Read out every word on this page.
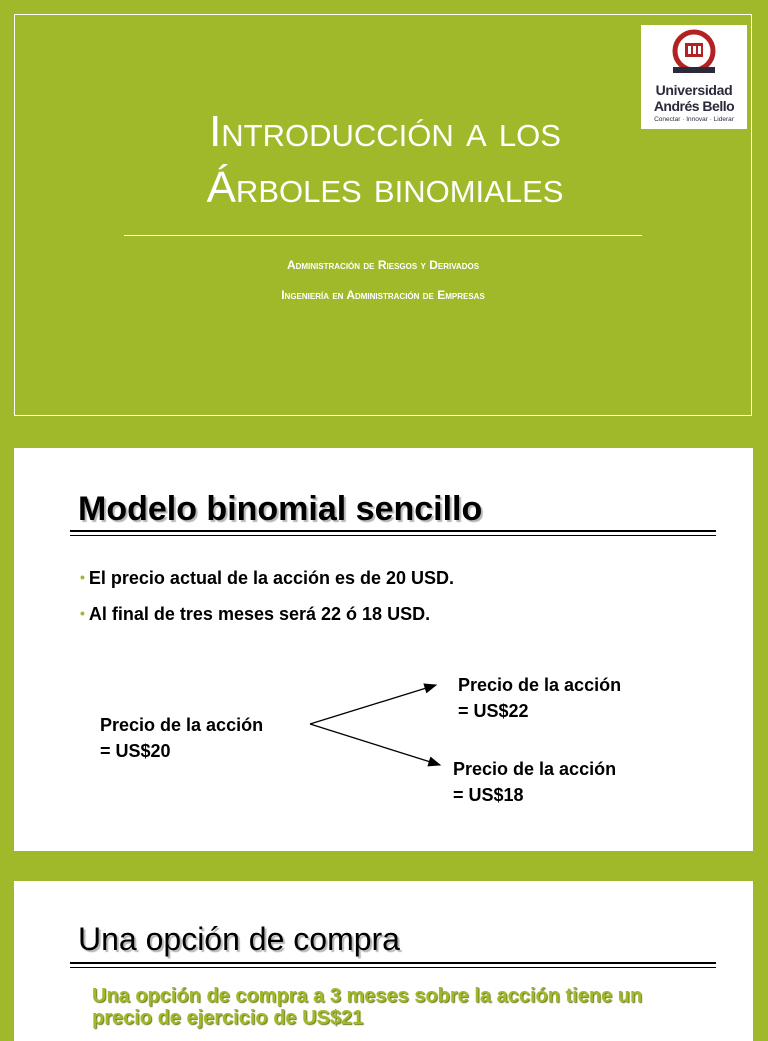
Universidad
Andrés Bello
Conectar · Innovar · Liderar
Introducción a los
Árboles binomiales
Administración de Riesgos y Derivados
Ingeniería en Administración de Empresas
Modelo binomial sencillo
• El precio actual de la acción es de 20 USD.
• Al final de tres meses será 22 ó 18 USD.
Precio de la acción
= US$20
Precio de la acción
= US$22
Precio de la acción
= US$18
Una opción de compra
Una opción de compra a 3 meses sobre la acción tiene un precio de ejercicio de US$21
